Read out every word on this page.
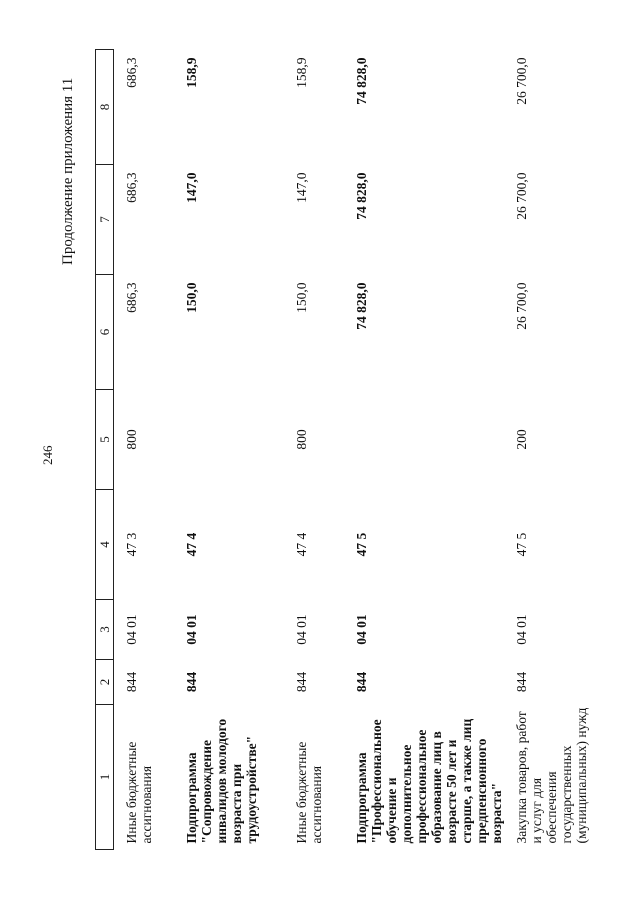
246
Продолжение приложения 11
1	2	3	4	5	6	7	8
Иные бюджетные ассигнования	844	04 01	47 3	800	686,3	686,3	686,3
Подпрограмма "Сопровождение инвалидов молодого возраста при трудоустройстве"	844	04 01	47 4		150,0	147,0	158,9
Иные бюджетные ассигнования	844	04 01	47 4	800	150,0	147,0	158,9
Подпрограмма "Профессиональное обучение и дополнительное профессиональное образование лиц в возрасте 50 лет и старше, а также лиц предпенсионного возраста"	844	04 01	47 5		74 828,0	74 828,0	74 828,0
Закупка товаров, работ и услуг для обеспечения государственных (муниципальных) нужд	844	04 01	47 5	200	26 700,0	26 700,0	26 700,0
